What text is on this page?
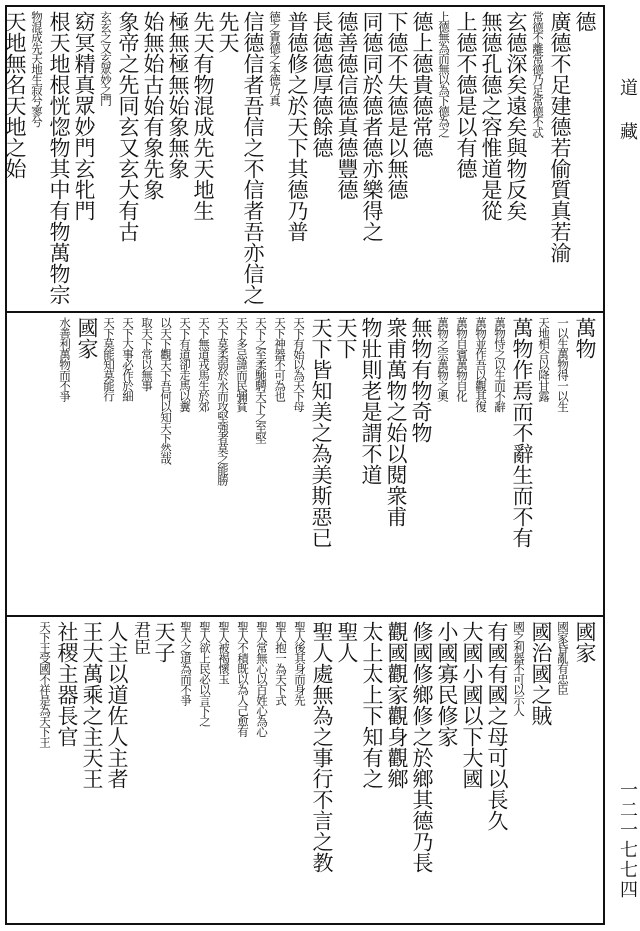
德
廣德不足建德若偷質真若渝
常德不離常德乃足常德不忒
玄德深矣遠矣與物反矣
無德孔德之容惟道是從
上德不德是以有德
上德無為而無以為下德為之
德上德貴德常德
下德不失德是以無德
同德同於德者德亦樂得之
德善德信德真德豐德
長德德厚德餘德
普德修之於天下其德乃普
德之貴德之本德乃真
信德信者吾信之不信者吾亦信之
先天
先天有物混成先天地生
極無極無始象無象
始無始古始有象先象
象帝之先同玄又玄大有古
玄玄之又玄眾妙之門
窈冥精真眾妙門玄牝門
根天地根恍惚物其中有物萬物宗
物混成先天地生寂兮寥兮
天地無名天地之始
萬物
一以生萬物得一以生
天地相合以降甘露
萬物作焉而不辭生而不有
萬物恃之以生而不辭
萬物並作吾以觀其復
萬物自賓萬物自化
萬物之宗萬物之奧
無物有物奇物
衆甫萬物之始以閱衆甫
物壯則老是謂不道
天下
天下皆知美之為美斯惡已
天下有始以為天下母
天下神器不可為也
天下之至柔馳騁天下之至堅
天下多忌諱而民彌貧
天下莫柔弱於水而攻堅強者莫之能勝
天下無道戎馬生於郊
天下有道卻走馬以糞
以天下觀天下吾何以知天下然哉
取天下常以無事
天下大事必作於細
天下莫能知莫能行
國家
水善利萬物而不爭
國家
國家昏亂有忠臣
國治國之賊
國之利器不可以示人
有國有國之母可以長久
大國小國以下大國
小國寡民修家
修國修鄉修之於鄉其德乃長
觀國觀家觀身觀鄉
太上太上下知有之
聖人
聖人處無為之事行不言之教
聖人後其身而身先
聖人抱一為天下式
聖人常無心以百姓心為心
聖人不積既以為人己愈有
聖人被褐懷玉
聖人欲上民必以言下之
聖人之道為而不爭
天子
君臣
人主以道佐人主者
王大萬乘之主天王
社稷主器長官
天下王受國不祥是為天下王
道藏
一二一七七四
